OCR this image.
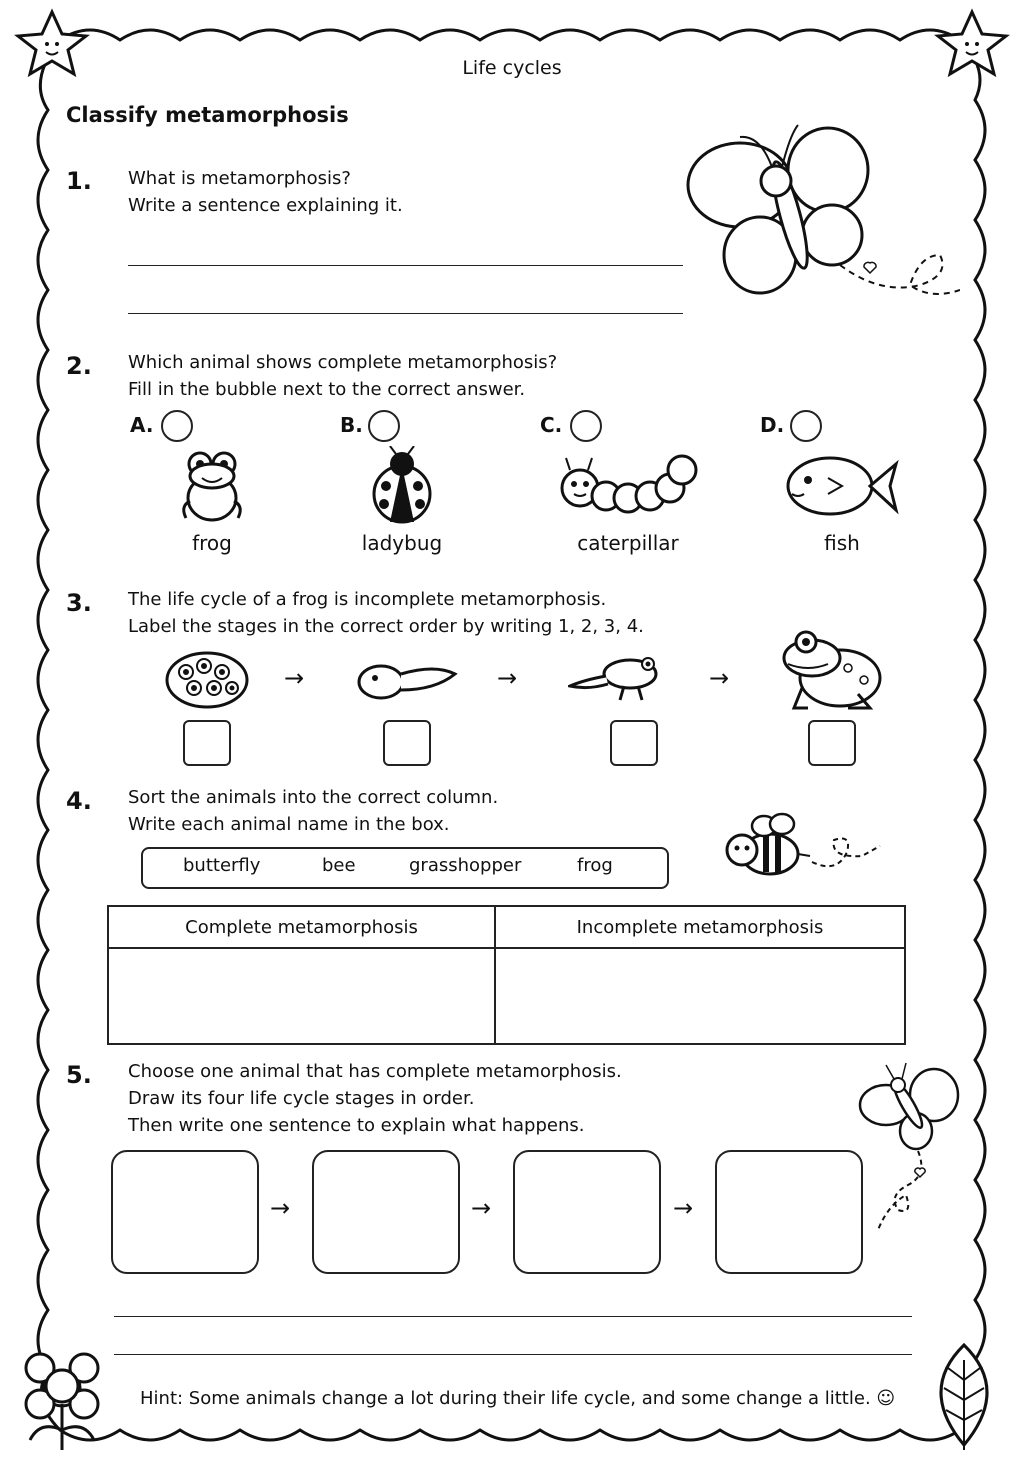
Life cycles
Classify metamorphosis
1. What is metamorphosis?
Write a sentence explaining it.
2. Which animal shows complete metamorphosis?
Fill in the bubble next to the correct answer.
A.	B.	C.	D.
frog	ladybug	caterpillar	fish
3. The life cycle of a frog is incomplete metamorphosis.
Label the stages in the correct order by writing 1, 2, 3, 4.
→	→	→
4. Sort the animals into the correct column.
Write each animal name in the box.
butterfly	bee	grasshopper	frog
Complete metamorphosis	Incomplete metamorphosis

5. Choose one animal that has complete metamorphosis.
Draw its four life cycle stages in order.
Then write one sentence to explain what happens.
→	→	→
Hint: Some animals change a lot during their life cycle, and some change a little. ☺
